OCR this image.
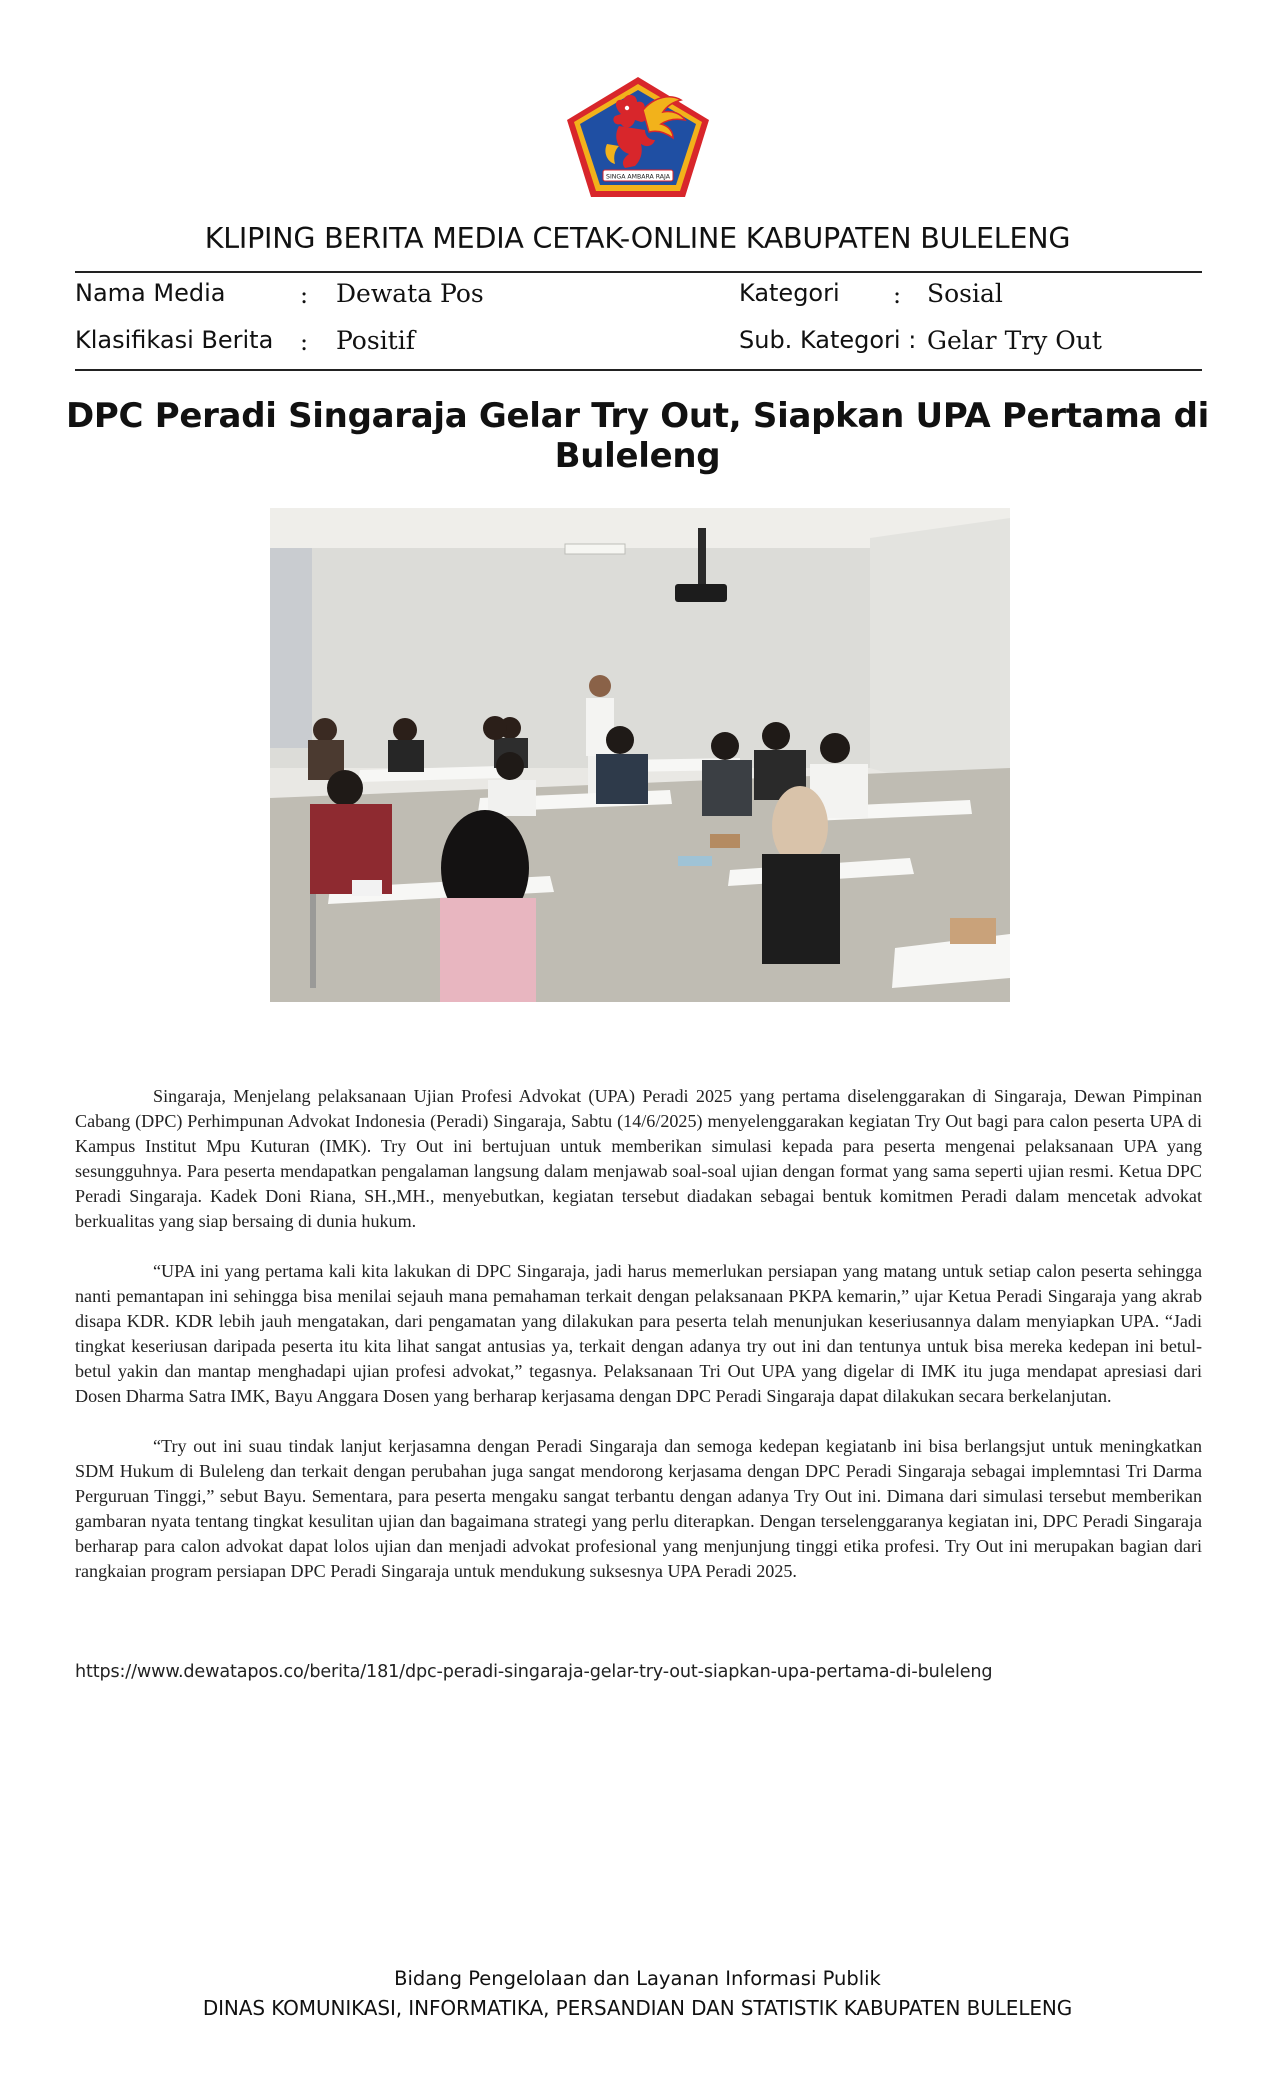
SINGA AMBARA RAJA
KLIPING BERITA MEDIA CETAK-ONLINE KABUPATEN BULELENG
Nama Media	: Dewata Pos	Kategori : Sosial
Klasifikasi Berita : Positif	Sub. Kategori : Gelar Try Out
DPC Peradi Singaraja Gelar Try Out, Siapkan UPA Pertama di Buleleng

Singaraja, Menjelang pelaksanaan Ujian Profesi Advokat (UPA) Peradi 2025 yang pertama diselenggarakan di Singaraja, Dewan Pimpinan Cabang (DPC) Perhimpunan Advokat Indonesia (Peradi) Singaraja, Sabtu (14/6/2025) menyelenggarakan kegiatan Try Out bagi para calon peserta UPA di Kampus Institut Mpu Kuturan (IMK). Try Out ini bertujuan untuk memberikan simulasi kepada para peserta mengenai pelaksanaan UPA yang sesungguhnya. Para peserta mendapatkan pengalaman langsung dalam menjawab soal-soal ujian dengan format yang sama seperti ujian resmi. Ketua DPC Peradi Singaraja. Kadek Doni Riana, SH.,MH., menyebutkan, kegiatan tersebut diadakan sebagai bentuk komitmen Peradi dalam mencetak advokat berkualitas yang siap bersaing di dunia hukum.

“UPA ini yang pertama kali kita lakukan di DPC Singaraja, jadi harus memerlukan persiapan yang matang untuk setiap calon peserta sehingga nanti pemantapan ini sehingga bisa menilai sejauh mana pemahaman terkait dengan pelaksanaan PKPA kemarin,” ujar Ketua Peradi Singaraja yang akrab disapa KDR. KDR lebih jauh mengatakan, dari pengamatan yang dilakukan para peserta telah menunjukan keseriusannya dalam menyiapkan UPA. “Jadi tingkat keseriusan daripada peserta itu kita lihat sangat antusias ya, terkait dengan adanya try out ini dan tentunya untuk bisa mereka kedepan ini betul-betul yakin dan mantap menghadapi ujian profesi advokat,” tegasnya. Pelaksanaan Tri Out UPA yang digelar di IMK itu juga mendapat apresiasi dari Dosen Dharma Satra IMK, Bayu Anggara Dosen yang berharap kerjasama dengan DPC Peradi Singaraja dapat dilakukan secara berkelanjutan.

“Try out ini suau tindak lanjut kerjasamna dengan Peradi Singaraja dan semoga kedepan kegiatanb ini bisa berlangsjut untuk meningkatkan SDM Hukum di Buleleng dan terkait dengan perubahan juga sangat mendorong kerjasama dengan DPC Peradi Singaraja sebagai implemntasi Tri Darma Perguruan Tinggi,” sebut Bayu. Sementara, para peserta mengaku sangat terbantu dengan adanya Try Out ini. Dimana dari simulasi tersebut memberikan gambaran nyata tentang tingkat kesulitan ujian dan bagaimana strategi yang perlu diterapkan. Dengan terselenggaranya kegiatan ini, DPC Peradi Singaraja berharap para calon advokat dapat lolos ujian dan menjadi advokat profesional yang menjunjung tinggi etika profesi. Try Out ini merupakan bagian dari rangkaian program persiapan DPC Peradi Singaraja untuk mendukung suksesnya UPA Peradi 2025.

https://www.dewatapos.co/berita/181/dpc-peradi-singaraja-gelar-try-out-siapkan-upa-pertama-di-buleleng
Bidang Pengelolaan dan Layanan Informasi Publik
DINAS KOMUNIKASI, INFORMATIKA, PERSANDIAN DAN STATISTIK KABUPATEN BULELENG
